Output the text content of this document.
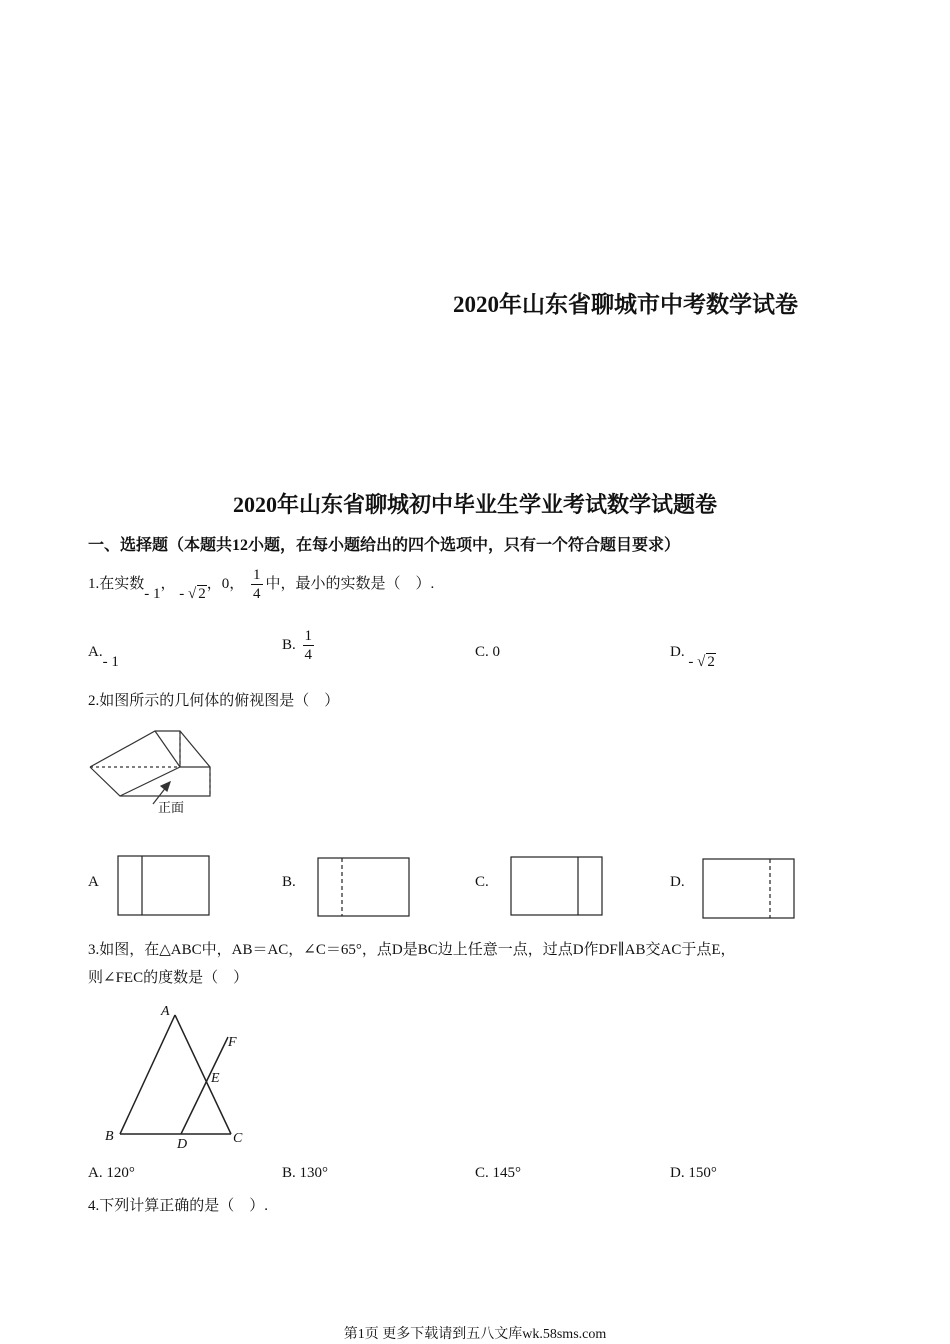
2020年山东省聊城市中考数学试卷
2020年山东省聊城初中毕业生学业考试数学试题卷
一、选择题（本题共12小题，在每小题给出的四个选项中，只有一个符合题目要求）
1.在实数- 1， - √ 2，0， $\frac{1}{4}$ 中，最小的实数是（　）.
A.- 1
B. $\frac{1}{4}$	C. 0	D. - √ 2
2.如图所示的几何体的俯视图是（　）
正面
A	B.	C.	D.
3.如图，在△ABC中，AB＝AC，∠C＝65°，点D是BC边上任意一点，过点D作DF∥AB交AC于点E，
则∠FEC的度数是（　）
A
B	C
D
E
F
A. 120°	B. 130°	C. 145°	D. 150°
4.下列计算正确的是（　）.
第1页 更多下载请到五八文库wk.58sms.com
